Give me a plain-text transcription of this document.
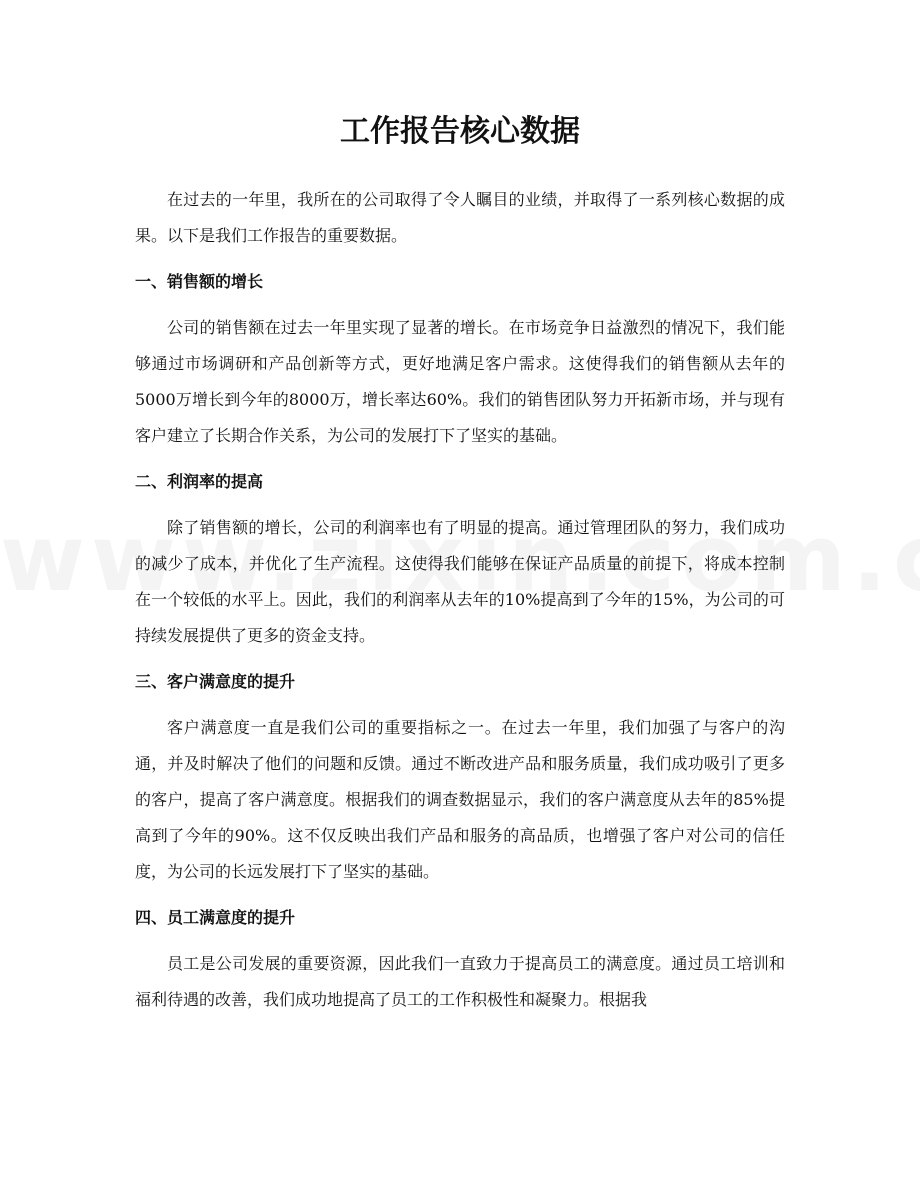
工作报告核心数据

在过去的一年里，我所在的公司取得了令人瞩目的业绩，并取得了一系列核心数据的成果。以下是我们工作报告的重要数据。

一、销售额的增长

公司的销售额在过去一年里实现了显著的增长。在市场竞争日益激烈的情况下，我们能够通过市场调研和产品创新等方式，更好地满足客户需求。这使得我们的销售额从去年的5000万增长到今年的8000万，增长率达60%。我们的销售团队努力开拓新市场，并与现有客户建立了长期合作关系，为公司的发展打下了坚实的基础。

二、利润率的提高

除了销售额的增长，公司的利润率也有了明显的提高。通过管理团队的努力，我们成功的减少了成本，并优化了生产流程。这使得我们能够在保证产品质量的前提下，将成本控制在一个较低的水平上。因此，我们的利润率从去年的10%提高到了今年的15%，为公司的可持续发展提供了更多的资金支持。

三、客户满意度的提升

客户满意度一直是我们公司的重要指标之一。在过去一年里，我们加强了与客户的沟通，并及时解决了他们的问题和反馈。通过不断改进产品和服务质量，我们成功吸引了更多的客户，提高了客户满意度。根据我们的调查数据显示，我们的客户满意度从去年的85%提高到了今年的90%。这不仅反映出我们产品和服务的高品质，也增强了客户对公司的信任度，为公司的长远发展打下了坚实的基础。

四、员工满意度的提升

员工是公司发展的重要资源，因此我们一直致力于提高员工的满意度。通过员工培训和福利待遇的改善，我们成功地提高了员工的工作积极性和凝聚力。根据我
